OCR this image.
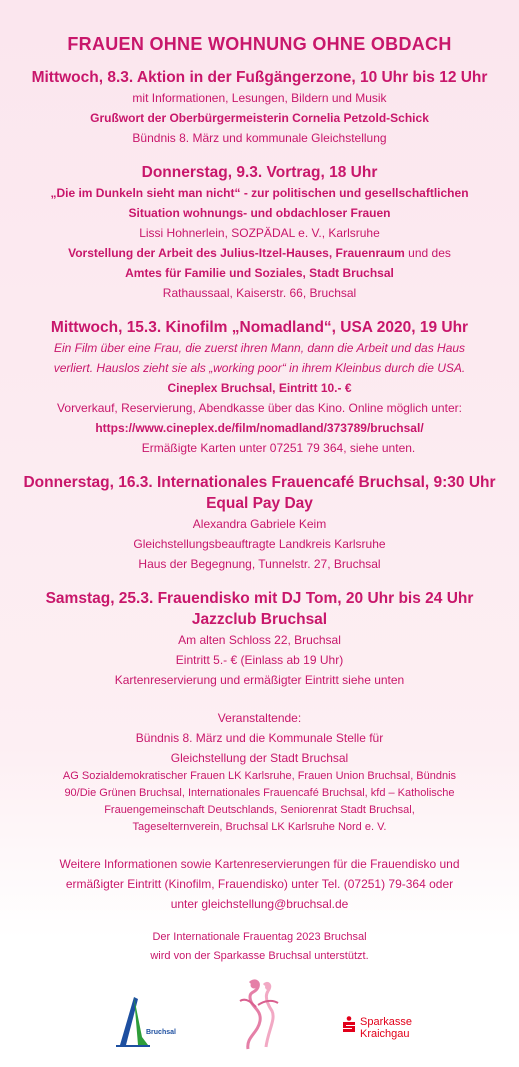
FRAUEN OHNE WOHNUNG OHNE OBDACH
Mittwoch, 8.3. Aktion in der Fußgängerzone, 10 Uhr bis 12 Uhr
mit Informationen, Lesungen, Bildern und Musik
Grußwort der Oberbürgermeisterin Cornelia Petzold-Schick
Bündnis 8. März und kommunale Gleichstellung
Donnerstag, 9.3. Vortrag, 18 Uhr
„Die im Dunkeln sieht man nicht“ - zur politischen und gesellschaftlichen
Situation wohnungs- und obdachloser Frauen
Lissi Hohnerlein, SOZPÄDAL e. V., Karlsruhe
Vorstellung der Arbeit des Julius-Itzel-Hauses, Frauenraum und des
Amtes für Familie und Soziales, Stadt Bruchsal
Rathaussaal, Kaiserstr. 66, Bruchsal
Mittwoch, 15.3. Kinofilm „Nomadland“, USA 2020, 19 Uhr
Ein Film über eine Frau, die zuerst ihren Mann, dann die Arbeit und das Haus
verliert. Hauslos zieht sie als „working poor“ in ihrem Kleinbus durch die USA.
Cineplex Bruchsal, Eintritt 10.- €
Vorverkauf, Reservierung, Abendkasse über das Kino. Online möglich unter:
https://www.cineplex.de/film/nomadland/373789/bruchsal/
Ermäßigte Karten unter 07251 79 364, siehe unten.
Donnerstag, 16.3. Internationales Frauencafé Bruchsal, 9:30 Uhr
Equal Pay Day
Alexandra Gabriele Keim
Gleichstellungsbeauftragte Landkreis Karlsruhe
Haus der Begegnung, Tunnelstr. 27, Bruchsal
Samstag, 25.3. Frauendisko mit DJ Tom, 20 Uhr bis 24 Uhr
Jazzclub Bruchsal
Am alten Schloss 22, Bruchsal
Eintritt 5.- € (Einlass ab 19 Uhr)
Kartenreservierung und ermäßigter Eintritt siehe unten
Veranstaltende:
Bündnis 8. März und die Kommunale Stelle für
Gleichstellung der Stadt Bruchsal
AG Sozialdemokratischer Frauen LK Karlsruhe, Frauen Union Bruchsal, Bündnis
90/Die Grünen Bruchsal, Internationales Frauencafé Bruchsal, kfd – Katholische
Frauengemeinschaft Deutschlands, Seniorenrat Stadt Bruchsal,
Tageselternverein, Bruchsal LK Karlsruhe Nord e. V.
Weitere Informationen sowie Kartenreservierungen für die Frauendisko und
ermäßigter Eintritt (Kinofilm, Frauendisko) unter Tel. (07251) 79-364 oder
unter gleichstellung@bruchsal.de
Der Internationale Frauentag 2023 Bruchsal
wird von der Sparkasse Bruchsal unterstützt.
Bruchsal
Sparkasse
Kraichgau
